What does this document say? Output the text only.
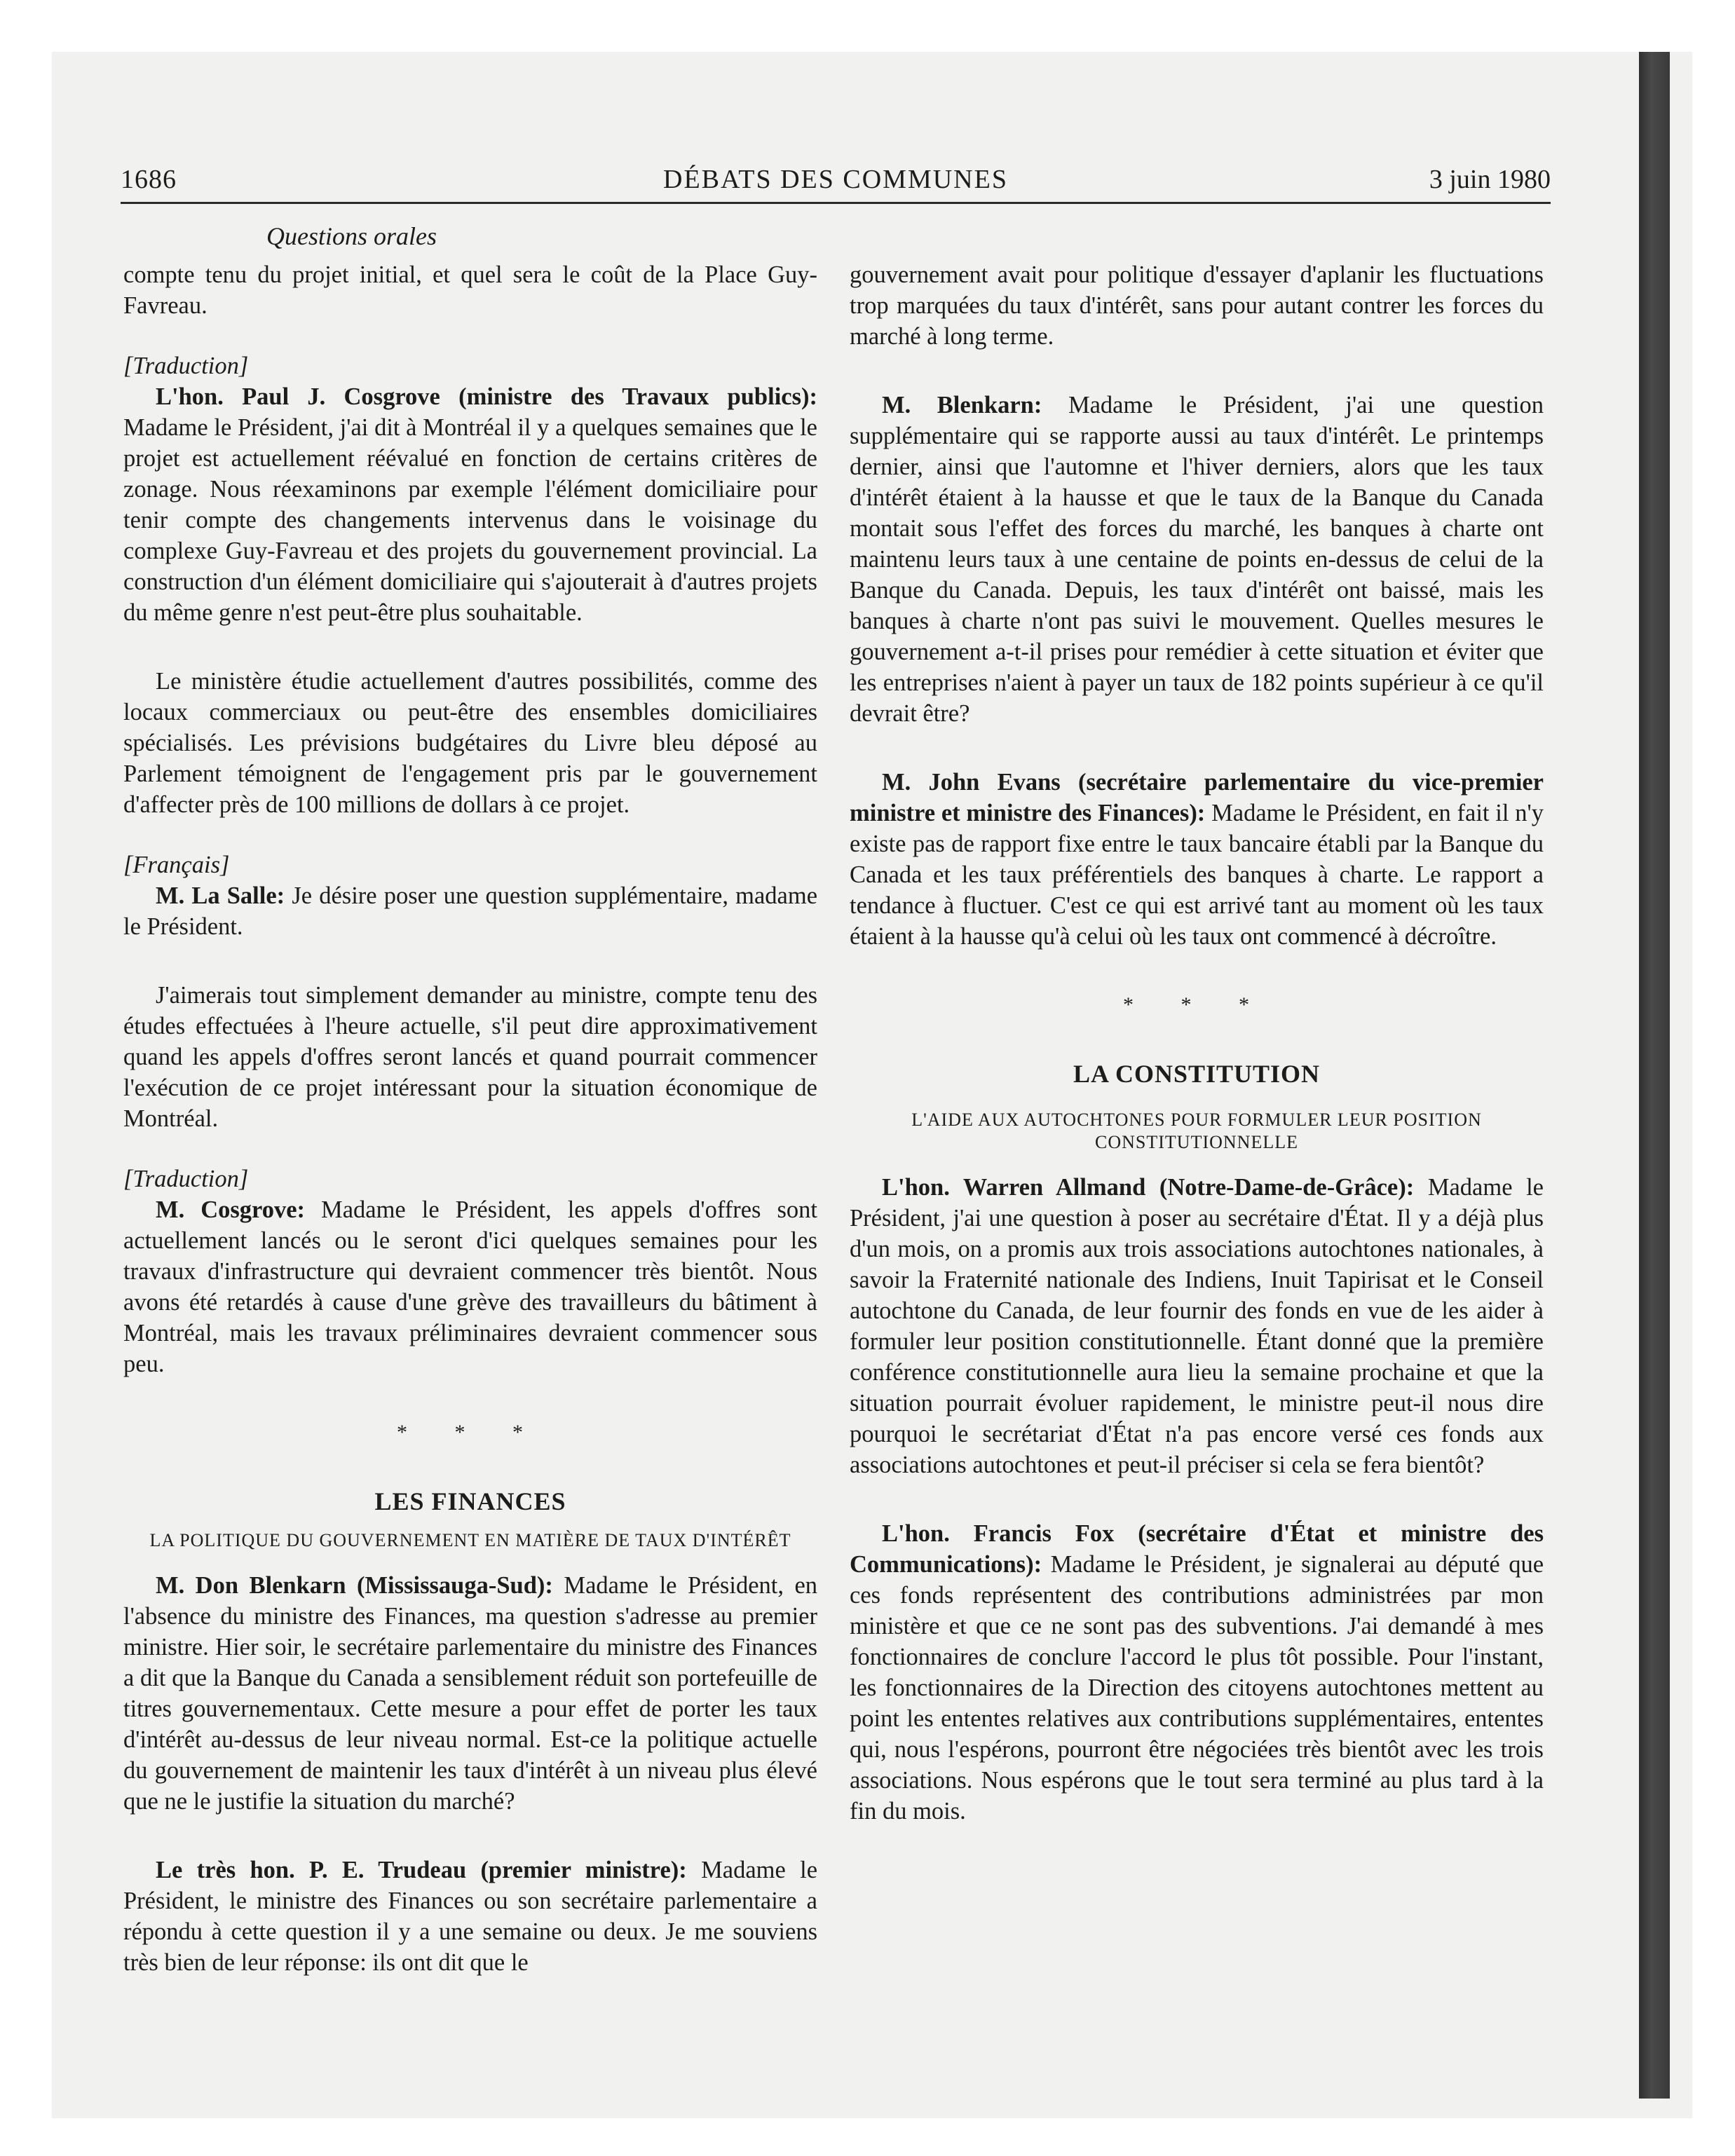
1686	DÉBATS DES COMMUNES	3 juin 1980
Questions orales

compte tenu du projet initial, et quel sera le coût de la Place Guy-Favreau.

[Traduction]

L'hon. Paul J. Cosgrove (ministre des Travaux publics): Madame le Président, j'ai dit à Montréal il y a quelques semaines que le projet est actuellement réévalué en fonction de certains critères de zonage. Nous réexaminons par exemple l'élément domiciliaire pour tenir compte des changements intervenus dans le voisinage du complexe Guy-Favreau et des projets du gouvernement provincial. La construction d'un élément domiciliaire qui s'ajouterait à d'autres projets du même genre n'est peut-être plus souhaitable.

Le ministère étudie actuellement d'autres possibilités, comme des locaux commerciaux ou peut-être des ensembles domiciliaires spécialisés. Les prévisions budgétaires du Livre bleu déposé au Parlement témoignent de l'engagement pris par le gouvernement d'affecter près de 100 millions de dollars à ce projet.

[Français]

M. La Salle: Je désire poser une question supplémentaire, madame le Président.

J'aimerais tout simplement demander au ministre, compte tenu des études effectuées à l'heure actuelle, s'il peut dire approximativement quand les appels d'offres seront lancés et quand pourrait commencer l'exécution de ce projet intéressant pour la situation économique de Montréal.

[Traduction]

M. Cosgrove: Madame le Président, les appels d'offres sont actuellement lancés ou le seront d'ici quelques semaines pour les travaux d'infrastructure qui devraient commencer très bientôt. Nous avons été retardés à cause d'une grève des travailleurs du bâtiment à Montréal, mais les travaux préliminaires devraient commencer sous peu.

* * *
LES FINANCES
LA POLITIQUE DU GOUVERNEMENT EN MATIÈRE DE TAUX D'INTÉRÊT

M. Don Blenkarn (Mississauga-Sud): Madame le Président, en l'absence du ministre des Finances, ma question s'adresse au premier ministre. Hier soir, le secrétaire parlementaire du ministre des Finances a dit que la Banque du Canada a sensiblement réduit son portefeuille de titres gouvernementaux. Cette mesure a pour effet de porter les taux d'intérêt au-dessus de leur niveau normal. Est-ce la politique actuelle du gouvernement de maintenir les taux d'intérêt à un niveau plus élevé que ne le justifie la situation du marché?

Le très hon. P. E. Trudeau (premier ministre): Madame le Président, le ministre des Finances ou son secrétaire parlementaire a répondu à cette question il y a une semaine ou deux. Je me souviens très bien de leur réponse: ils ont dit que le

gouvernement avait pour politique d'essayer d'aplanir les fluctuations trop marquées du taux d'intérêt, sans pour autant contrer les forces du marché à long terme.

M. Blenkarn: Madame le Président, j'ai une question supplémentaire qui se rapporte aussi au taux d'intérêt. Le printemps dernier, ainsi que l'automne et l'hiver derniers, alors que les taux d'intérêt étaient à la hausse et que le taux de la Banque du Canada montait sous l'effet des forces du marché, les banques à charte ont maintenu leurs taux à une centaine de points en-dessus de celui de la Banque du Canada. Depuis, les taux d'intérêt ont baissé, mais les banques à charte n'ont pas suivi le mouvement. Quelles mesures le gouvernement a-t-il prises pour remédier à cette situation et éviter que les entreprises n'aient à payer un taux de 182 points supérieur à ce qu'il devrait être?

M. John Evans (secrétaire parlementaire du vice-premier ministre et ministre des Finances): Madame le Président, en fait il n'y existe pas de rapport fixe entre le taux bancaire établi par la Banque du Canada et les taux préférentiels des banques à charte. Le rapport a tendance à fluctuer. C'est ce qui est arrivé tant au moment où les taux étaient à la hausse qu'à celui où les taux ont commencé à décroître.

* * *
LA CONSTITUTION
L'AIDE AUX AUTOCHTONES POUR FORMULER LEUR POSITION CONSTITUTIONNELLE

L'hon. Warren Allmand (Notre-Dame-de-Grâce): Madame le Président, j'ai une question à poser au secrétaire d'État. Il y a déjà plus d'un mois, on a promis aux trois associations autochtones nationales, à savoir la Fraternité nationale des Indiens, Inuit Tapirisat et le Conseil autochtone du Canada, de leur fournir des fonds en vue de les aider à formuler leur position constitutionnelle. Étant donné que la première conférence constitutionnelle aura lieu la semaine prochaine et que la situation pourrait évoluer rapidement, le ministre peut-il nous dire pourquoi le secrétariat d'État n'a pas encore versé ces fonds aux associations autochtones et peut-il préciser si cela se fera bientôt?

L'hon. Francis Fox (secrétaire d'État et ministre des Communications): Madame le Président, je signalerai au député que ces fonds représentent des contributions administrées par mon ministère et que ce ne sont pas des subventions. J'ai demandé à mes fonctionnaires de conclure l'accord le plus tôt possible. Pour l'instant, les fonctionnaires de la Direction des citoyens autochtones mettent au point les ententes relatives aux contributions supplémentaires, ententes qui, nous l'espérons, pourront être négociées très bientôt avec les trois associations. Nous espérons que le tout sera terminé au plus tard à la fin du mois.
